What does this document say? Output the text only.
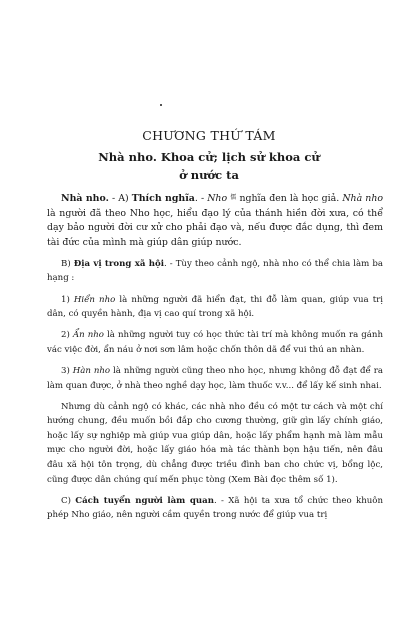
CHƯƠNG THỨ TÁM
Nhà nho. Khoa cử; lịch sử khoa cử
ở nước ta

Nhà nho. - A) Thích nghĩa. - Nho $^儒$ nghĩa đen là học giả. Nhà nho là người đã theo Nho học, hiểu đạo lý của thánh hiền đời xưa, có thể dạy bảo người đời cư xử cho phải đạo và, nếu được đắc dụng, thì đem tài đức của mình mà giúp dân giúp nước.

B) Địa vị trong xã hội. - Tùy theo cảnh ngộ, nhà nho có thể chia làm ba hạng :

1) Hiển nho là những người đã hiển đạt, thi đỗ làm quan, giúp vua trị dân, có quyền hành, địa vị cao quí trong xã hội.

2) Ẩn nho là những người tuy có học thức tài trí mà không muốn ra gánh vác việc đời, ẩn náu ở nơi sơn lâm hoặc chốn thôn dã để vui thú an nhàn.

3) Hàn nho là những người cũng theo nho học, nhưng không đỗ đạt để ra làm quan được, ở nhà theo nghề dạy học, làm thuốc v.v... để lấy kế sinh nhai.

Nhưng dù cảnh ngộ có khác, các nhà nho đều có một tư cách và một chí hướng chung, đều muốn bồi đắp cho cương thường, giữ gìn lấy chính giáo, hoặc lấy sự nghiệp mà giúp vua giúp dân, hoặc lấy phẩm hạnh mà làm mẫu mực cho người đời, hoặc lấy giáo hóa mà tác thành bọn hậu tiến, nên đâu đâu xã hội tôn trọng, dù chẳng được triều đình ban cho chức vị, bổng lộc, cũng được dân chúng quí mến phục tòng (Xem Bài đọc thêm số 1).

C) Cách tuyển người làm quan. - Xã hội ta xưa tổ chức theo khuôn phép Nho giáo, nên người cầm quyền trong nước để giúp vua trị
